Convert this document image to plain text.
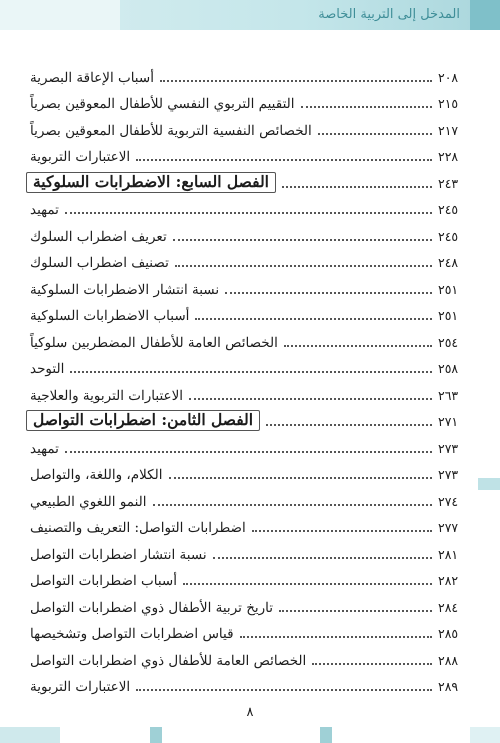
المدخل إلى التربية الخاصة
أسباب الإعاقة البصرية	٢٠٨
التقييم التربوي النفسي للأطفال المعوقين بصرياً	٢١٥
الخصائص النفسية التربوية للأطفال المعوقين بصرياً	٢١٧
الاعتبارات التربوية	٢٢٨
الفصل السابع: الاضطرابات السلوكية	٢٤٣
تمهيد	٢٤٥
تعريف اضطراب السلوك	٢٤٥
تصنيف اضطراب السلوك	٢٤٨
نسبة انتشار الاضطرابات السلوكية	٢٥١
أسباب الاضطرابات السلوكية	٢٥١
الخصائص العامة للأطفال المضطربين سلوكياً	٢٥٤
التوحد	٢٥٨
الاعتبارات التربوية والعلاجية	٢٦٣
الفصل الثامن: اضطرابات التواصل	٢٧١
تمهيد	٢٧٣
الكلام، واللغة، والتواصل	٢٧٣
النمو اللغوي الطبيعي	٢٧٤
اضطرابات التواصل: التعريف والتصنيف	٢٧٧
نسبة انتشار اضطرابات التواصل	٢٨١
أسباب اضطرابات التواصل	٢٨٢
تاريخ تربية الأطفال ذوي اضطرابات التواصل	٢٨٤
قياس اضطرابات التواصل وتشخيصها	٢٨٥
الخصائص العامة للأطفال ذوي اضطرابات التواصل	٢٨٨
الاعتبارات التربوية	٢٨٩
٨
